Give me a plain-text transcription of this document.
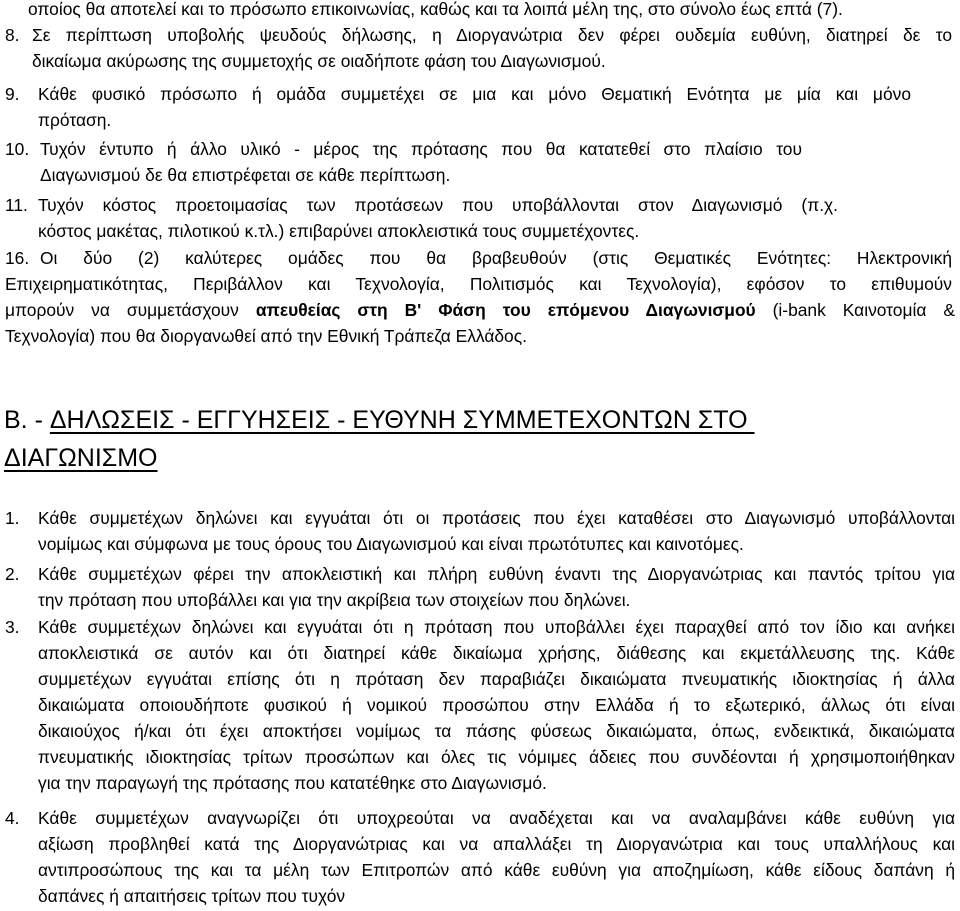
οποίος θα αποτελεί και το πρόσωπο επικοινωνίας, καθώς και τα λοιπά μέλη της, στο σύνολο έως επτά (7).
8. Σε περίπτωση υποβολής ψευδούς δήλωσης, η Διοργανώτρια δεν φέρει ουδεμία ευθύνη, διατηρεί δε το
δικαίωμα ακύρωσης της συμμετοχής σε οιαδήποτε φάση του Διαγωνισμού.
9. Κάθε φυσικό πρόσωπο ή ομάδα συμμετέχει σε μια και μόνο Θεματική Ενότητα με μία και μόνο
πρόταση.
10. Τυχόν έντυπο ή άλλο υλικό - μέρος της πρότασης που θα κατατεθεί στο πλαίσιο του
Διαγωνισμού δε θα επιστρέφεται σε κάθε περίπτωση.
11. Τυχόν κόστος προετοιμασίας των προτάσεων που υποβάλλονται στον Διαγωνισμό (π.χ.
κόστος μακέτας, πιλοτικού κ.τλ.) επιβαρύνει αποκλειστικά τους συμμετέχοντες.
16. Οι δύο (2) καλύτερες ομάδες που θα βραβευθούν (στις Θεματικές Ενότητες: Ηλεκτρονική
Επιχειρηματικότητας, Περιβάλλον και Τεχνολογία, Πολιτισμός και Τεχνολογία), εφόσον το επιθυμούν
μπορούν να συμμετάσχουν απευθείας στη Β' Φάση του επόμενου Διαγωνισμού (i-bank Καινοτομία &
Τεχνολογία) που θα διοργανωθεί από την Εθνική Τράπεζα Ελλάδος.
B. - ΔΗΛΩΣΕΙΣ - ΕΓΓΥΗΣΕΙΣ - ΕΥΘΥΝΗ ΣΥΜΜΕΤΕΧΟΝΤΩΝ ΣΤΟ
ΔΙΑΓΩΝΙΣΜΟ
1. Κάθε συμμετέχων δηλώνει και εγγυάται ότι οι προτάσεις που έχει καταθέσει στο Διαγωνισμό υποβάλλονται
νομίμως και σύμφωνα με τους όρους του Διαγωνισμού και είναι πρωτότυπες και καινοτόμες.
2. Κάθε συμμετέχων φέρει την αποκλειστική και πλήρη ευθύνη έναντι της Διοργανώτριας και παντός τρίτου για
την πρόταση που υποβάλλει και για την ακρίβεια των στοιχείων που δηλώνει.
3. Κάθε συμμετέχων δηλώνει και εγγυάται ότι η πρόταση που υποβάλλει έχει παραχθεί από τον ίδιο και ανήκει
αποκλειστικά σε αυτόν και ότι διατηρεί κάθε δικαίωμα χρήσης, διάθεσης και εκμετάλλευσης της. Κάθε
συμμετέχων εγγυάται επίσης ότι η πρόταση δεν παραβιάζει δικαιώματα πνευματικής ιδιοκτησίας ή άλλα
δικαιώματα οποιουδήποτε φυσικού ή νομικού προσώπου στην Ελλάδα ή το εξωτερικό, άλλως ότι είναι
δικαιούχος ή/και ότι έχει αποκτήσει νομίμως τα πάσης φύσεως δικαιώματα, όπως, ενδεικτικά, δικαιώματα
πνευματικής ιδιοκτησίας τρίτων προσώπων και όλες τις νόμιμες άδειες που συνδέονται ή χρησιμοποιήθηκαν
για την παραγωγή της πρότασης που κατατέθηκε στο Διαγωνισμό.
4. Κάθε συμμετέχων αναγνωρίζει ότι υποχρεούται να αναδέχεται και να αναλαμβάνει κάθε ευθύνη για
αξίωση προβληθεί κατά της Διοργανώτριας και να απαλλάξει τη Διοργανώτρια και τους υπαλλήλους και
αντιπροσώπους της και τα μέλη των Επιτροπών από κάθε ευθύνη για αποζημίωση, κάθε είδους δαπάνη ή
δαπάνες ή απαιτήσεις τρίτων που τυχόν
